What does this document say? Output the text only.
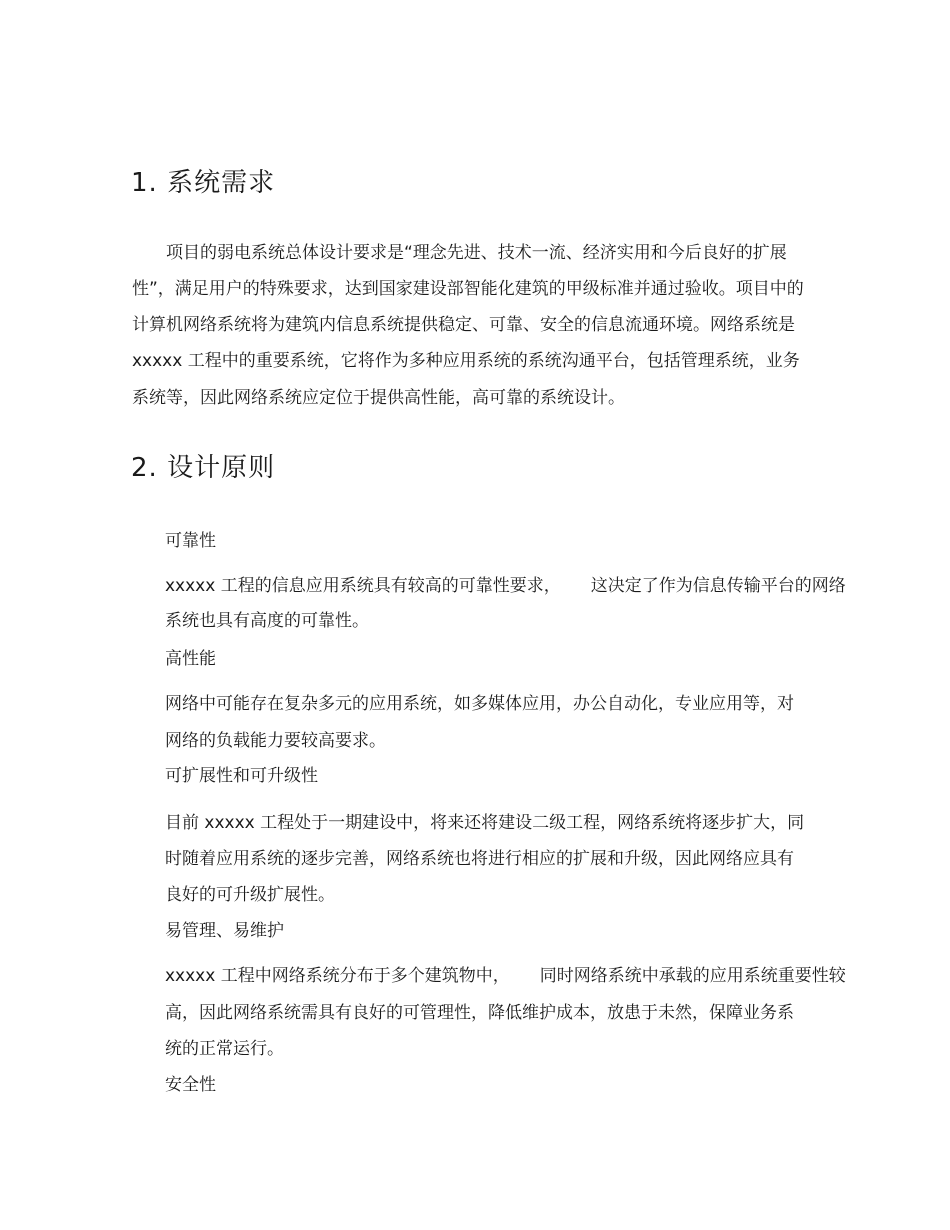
1. 系统需求

项目的弱电系统总体设计要求是“理念先进、技术一流、经济实用和今后良好的扩展

性”，满足用户的特殊要求，达到国家建设部智能化建筑的甲级标准并通过验收。项目中的

计算机网络系统将为建筑内信息系统提供稳定、可靠、安全的信息流通环境。网络系统是

xxxxx 工程中的重要系统，它将作为多种应用系统的系统沟通平台，包括管理系统，业务

系统等，因此网络系统应定位于提供高性能，高可靠的系统设计。

2. 设计原则

可靠性

xxxxx 工程的信息应用系统具有较高的可靠性要求， 这决定了作为信息传输平台的网络

系统也具有高度的可靠性。

高性能

网络中可能存在复杂多元的应用系统，如多媒体应用，办公自动化，专业应用等，对

网络的负载能力要较高要求。

可扩展性和可升级性

目前 xxxxx 工程处于一期建设中，将来还将建设二级工程，网络系统将逐步扩大，同

时随着应用系统的逐步完善，网络系统也将进行相应的扩展和升级，因此网络应具有

良好的可升级扩展性。

易管理、易维护

xxxxx 工程中网络系统分布于多个建筑物中， 同时网络系统中承载的应用系统重要性较

高，因此网络系统需具有良好的可管理性，降低维护成本，放患于未然，保障业务系

统的正常运行。

安全性
